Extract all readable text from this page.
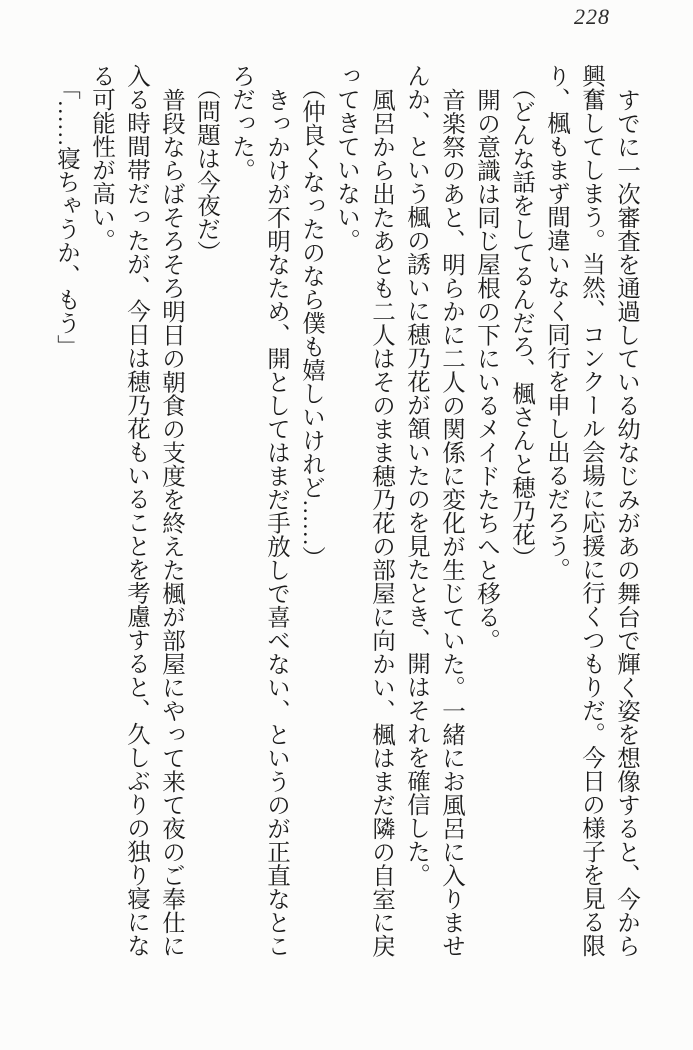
228
すでに一次審査を通過している幼なじみがあの舞台で輝く姿を想像すると、今から
興奮してしまう。当然、コンクール会場に応援に行くつもりだ。今日の様子を見る限
り、楓もまず間違いなく同行を申し出るだろう。
（どんな話をしてるんだろ、楓さんと穂乃花）
開の意識は同じ屋根の下にいるメイドたちへと移る。
音楽祭のあと、明らかに二人の関係に変化が生じていた。一緒にお風呂に入りませ
んか、という楓の誘いに穂乃花が頷いたのを見たとき、開はそれを確信した。
風呂から出たあとも二人はそのまま穂乃花の部屋に向かい、楓はまだ隣の自室に戻
ってきていない。
（仲良くなったのなら僕も嬉しいけれど……）
きっかけが不明なため、開としてはまだ手放しで喜べない、というのが正直なとこ
ろだった。
（問題は今夜だ）
普段ならばそろそろ明日の朝食の支度を終えた楓が部屋にやって来て夜のご奉仕に
入る時間帯だったが、今日は穂乃花もいることを考慮すると、久しぶりの独り寝にな
る可能性が高い。
「……寝ちゃうか、もう」
